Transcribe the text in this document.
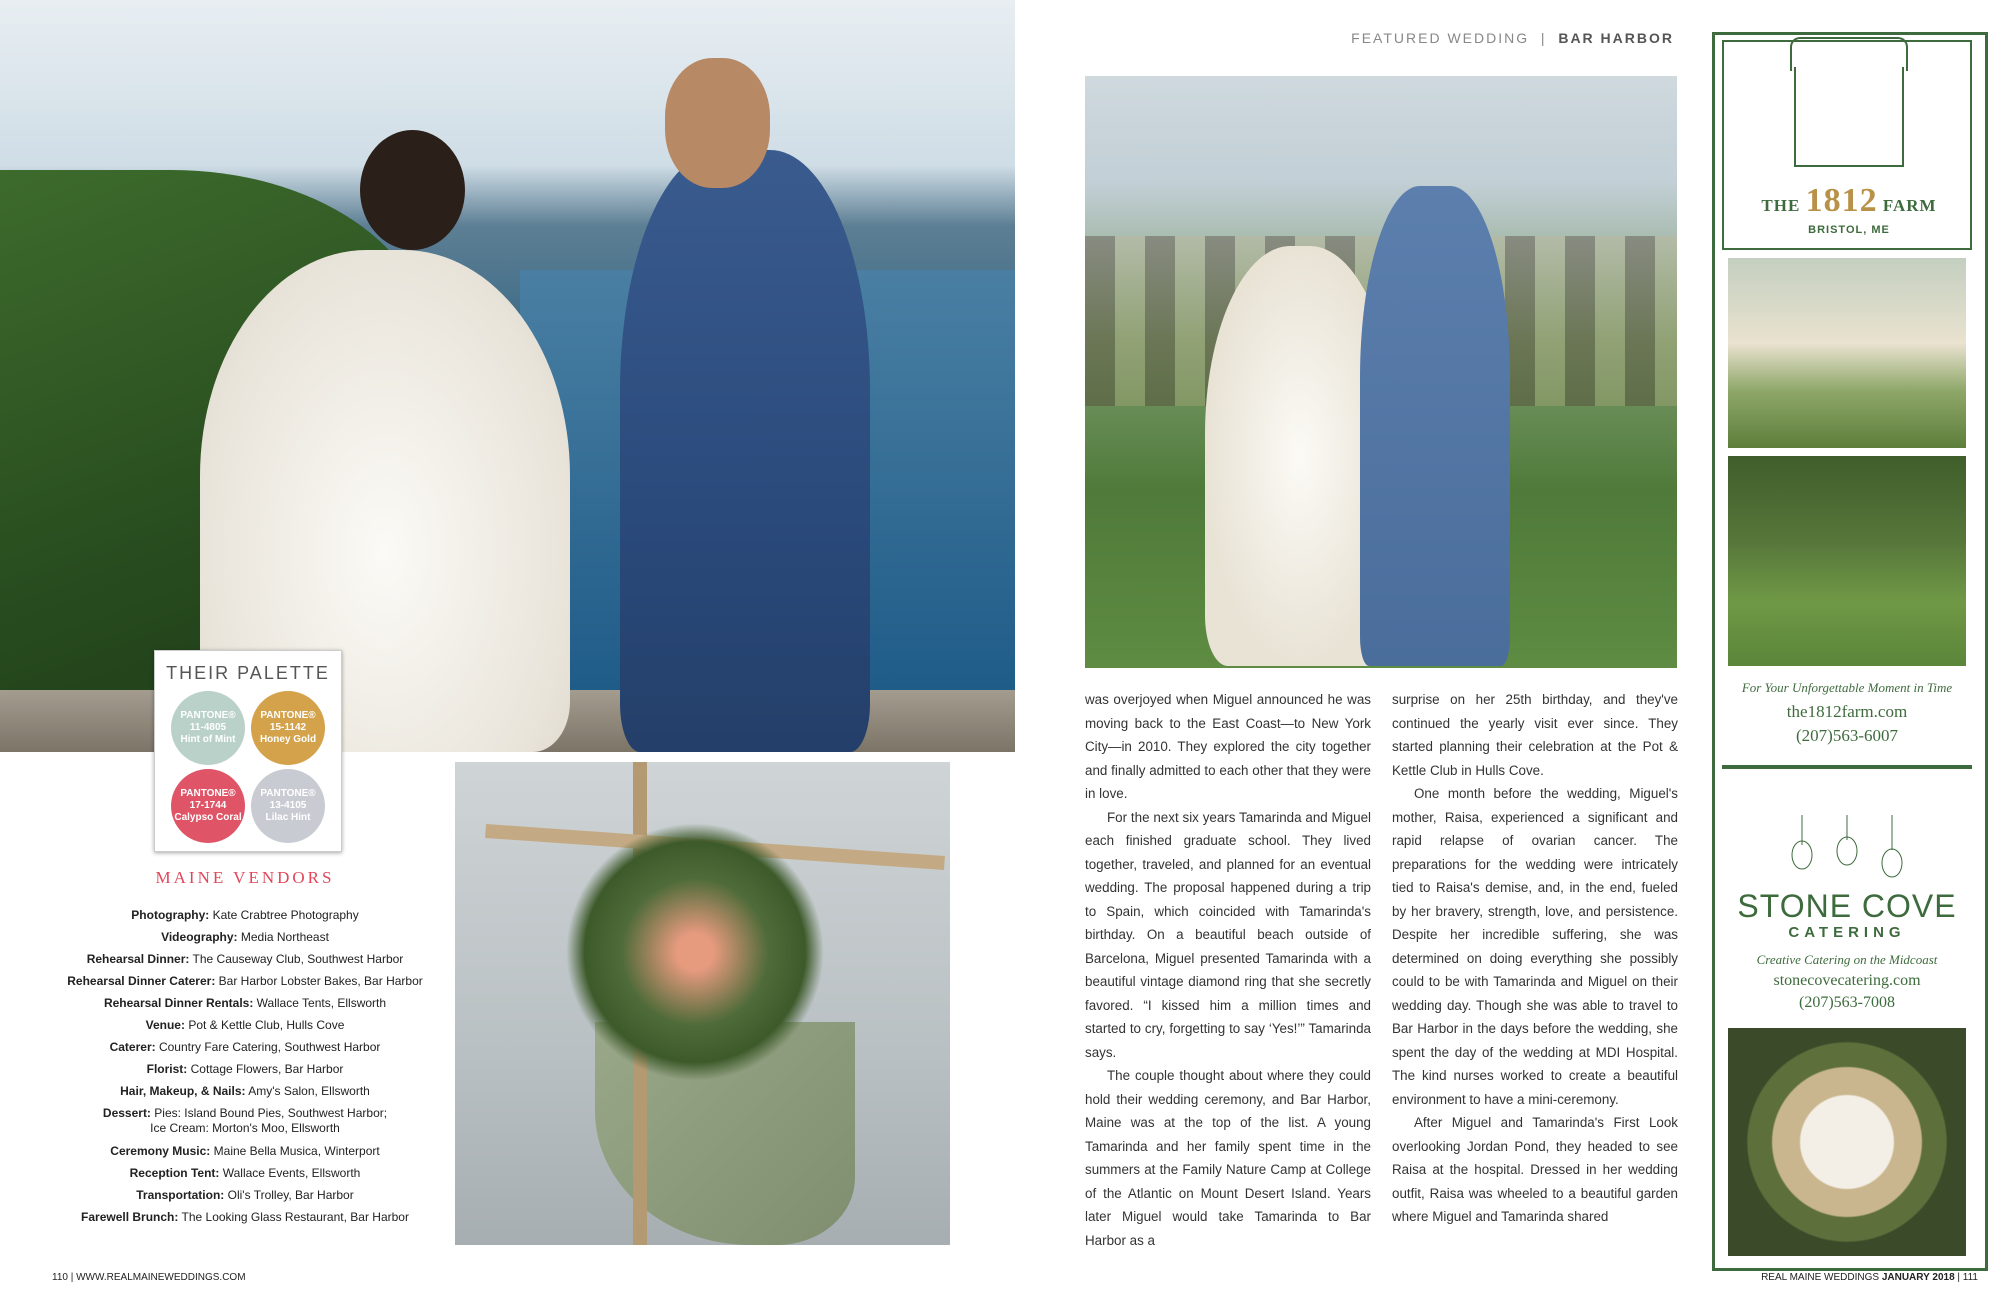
THEIR PALETTE
PANTONE®
11-4805
Hint of Mint
PANTONE®
15-1142
Honey Gold
PANTONE®
17-1744
Calypso Coral
PANTONE®
13-4105
Lilac Hint
MAINE VENDORS
Photography: Kate Crabtree Photography
Videography: Media Northeast
Rehearsal Dinner: The Causeway Club, Southwest Harbor
Rehearsal Dinner Caterer: Bar Harbor Lobster Bakes, Bar Harbor
Rehearsal Dinner Rentals: Wallace Tents, Ellsworth
Venue: Pot & Kettle Club, Hulls Cove
Caterer: Country Fare Catering, Southwest Harbor
Florist: Cottage Flowers, Bar Harbor
Hair, Makeup, & Nails: Amy's Salon, Ellsworth
Dessert: Pies: Island Bound Pies, Southwest Harbor;
Ice Cream: Morton's Moo, Ellsworth
Ceremony Music: Maine Bella Musica, Winterport
Reception Tent: Wallace Events, Ellsworth
Transportation: Oli's Trolley, Bar Harbor
Farewell Brunch: The Looking Glass Restaurant, Bar Harbor
110 | WWW.REALMAINEWEDDINGS.COM
FEATURED WEDDING | BAR HARBOR

was overjoyed when Miguel announced he was moving back to the East Coast—to New York City—in 2010. They explored the city together and finally admitted to each other that they were in love.

For the next six years Tamarinda and Miguel each finished graduate school. They lived together, traveled, and planned for an eventual wedding. The proposal happened during a trip to Spain, which coincided with Tamarinda's birthday. On a beautiful beach outside of Barcelona, Miguel presented Tamarinda with a beautiful vintage diamond ring that she secretly favored. “I kissed him a million times and started to cry, forgetting to say ‘Yes!’” Tamarinda says.

The couple thought about where they could hold their wedding ceremony, and Bar Harbor, Maine was at the top of the list. A young Tamarinda and her family spent time in the summers at the Family Nature Camp at College of the Atlantic on Mount Desert Island. Years later Miguel would take Tamarinda to Bar Harbor as a

surprise on her 25th birthday, and they've continued the yearly visit ever since. They started planning their celebration at the Pot & Kettle Club in Hulls Cove.

One month before the wedding, Miguel's mother, Raisa, experienced a significant and rapid relapse of ovarian cancer. The preparations for the wedding were intricately tied to Raisa's demise, and, in the end, fueled by her bravery, strength, love, and persistence. Despite her incredible suffering, she was determined on doing everything she possibly could to be with Tamarinda and Miguel on their wedding day. Though she was able to travel to Bar Harbor in the days before the wedding, she spent the day of the wedding at MDI Hospital. The kind nurses worked to create a beautiful environment to have a mini-ceremony.

After Miguel and Tamarinda's First Look overlooking Jordan Pond, they headed to see Raisa at the hospital. Dressed in her wedding outfit, Raisa was wheeled to a beautiful garden where Miguel and Tamarinda shared

REAL MAINE WEDDINGS JANUARY 2018 | 111
THE 1812 FARM
BRISTOL, ME
For Your Unforgettable Moment in Time
the1812farm.com
(207)563-6007
STONE COVE
CATERING
Creative Catering on the Midcoast
stonecovecatering.com
(207)563-7008
